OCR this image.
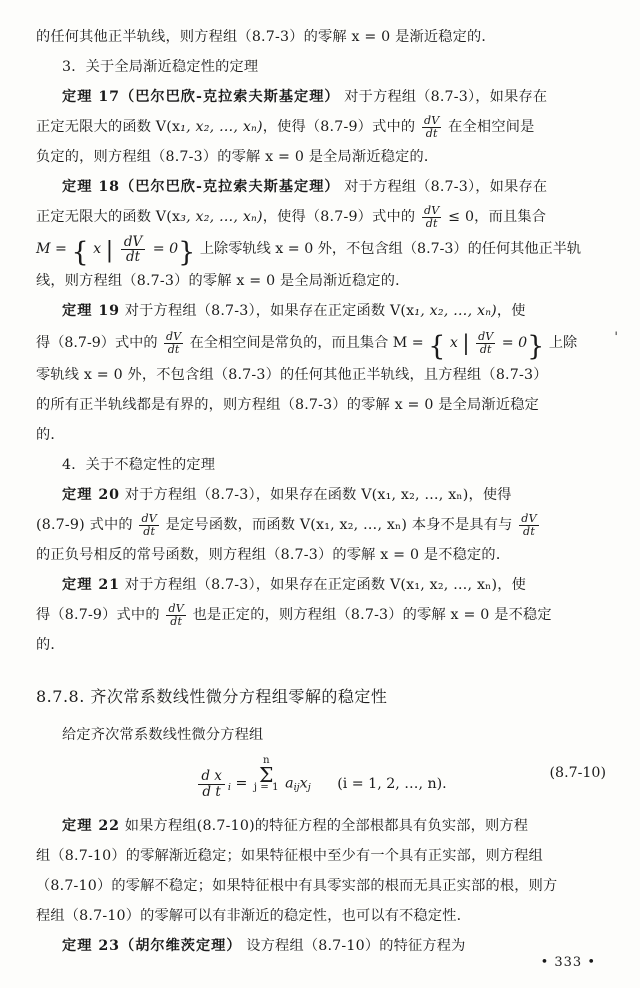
的任何其他正半轨线，则方程组（8.7-3）的零解 x = 0 是渐近稳定的．
3．关于全局渐近稳定性的定理
定理 17（巴尔巴欣-克拉索夫斯基定理） 对于方程组（8.7-3），如果存在
正定无限大的函数 V(x₁, x₂, …, xₙ)，使得（8.7-9）式中的 $\frac{dV}{dt}$ 在全相空间是
负定的，则方程组（8.7-3）的零解 x = 0 是全局渐近稳定的．
定理 18（巴尔巴欣-克拉索夫斯基定理） 对于方程组（8.7-3），如果存在
正定无限大的函数 V(x₃, x₂, …, xₙ)，使得（8.7-9）式中的 $\frac{dV}{dt} \le 0$，而且集合
M = { x | $\frac{dV}{dt} = 0$} 上除零轨线 x = 0 外，不包含组（8.7-3）的任何其他正半轨
线，则方程组（8.7-3）的零解 x = 0 是全局渐近稳定的．
定理 19 对于方程组（8.7-3），如果存在正定函数 V(x₁, x₂, …, xₙ)，使
得（8.7-9）式中的 $\frac{dV}{dt}$ 在全相空间是常负的，而且集合 M = { x | $\frac{dV}{dt} = 0$} 上除
零轨线 x = 0 外，不包含组（8.7-3）的任何其他正半轨线，且方程组（8.7-3）
的所有正半轨线都是有界的，则方程组（8.7-3）的零解 x = 0 是全局渐近稳定
的．
4．关于不稳定性的定理
定理 20 对于方程组（8.7-3），如果存在函数 V(x₁, x₂, …, xₙ)，使得
(8.7-9) 式中的 $\frac{dV}{dt}$ 是定号函数，而函数 V(x₁, x₂, …, xₙ) 本身不是具有与 $\frac{dV}{dt}$
的正负号相反的常号函数，则方程组（8.7-3）的零解 x = 0 是不稳定的．
定理 21 对于方程组（8.7-3），如果存在正定函数 V(x₁, x₂, …, xₙ)，使
得（8.7-9）式中的 $\frac{dV}{dt}$ 也是正定的，则方程组（8.7-3）的零解 x = 0 是不稳定
的．
8.7.8. 齐次常系数线性微分方程组零解的稳定性
给定齐次常系数线性微分方程组
$\frac{\text{d x}}{\text{d t}} _i$ =
n
Σ
j = 1 $a_{ij}x_j$ (i = 1, 2, …, n).
(8.7-10)
定理 22 如果方程组(8.7-10)的特征方程的全部根都具有负实部，则方程
组（8.7-10）的零解渐近稳定；如果特征根中至少有一个具有正实部，则方程组
（8.7-10）的零解不稳定；如果特征根中有具零实部的根而无具正实部的根，则方
程组（8.7-10）的零解可以有非渐近的稳定性，也可以有不稳定性．
定理 23（胡尔维茨定理） 设方程组（8.7-10）的特征方程为
'
• 333 •
